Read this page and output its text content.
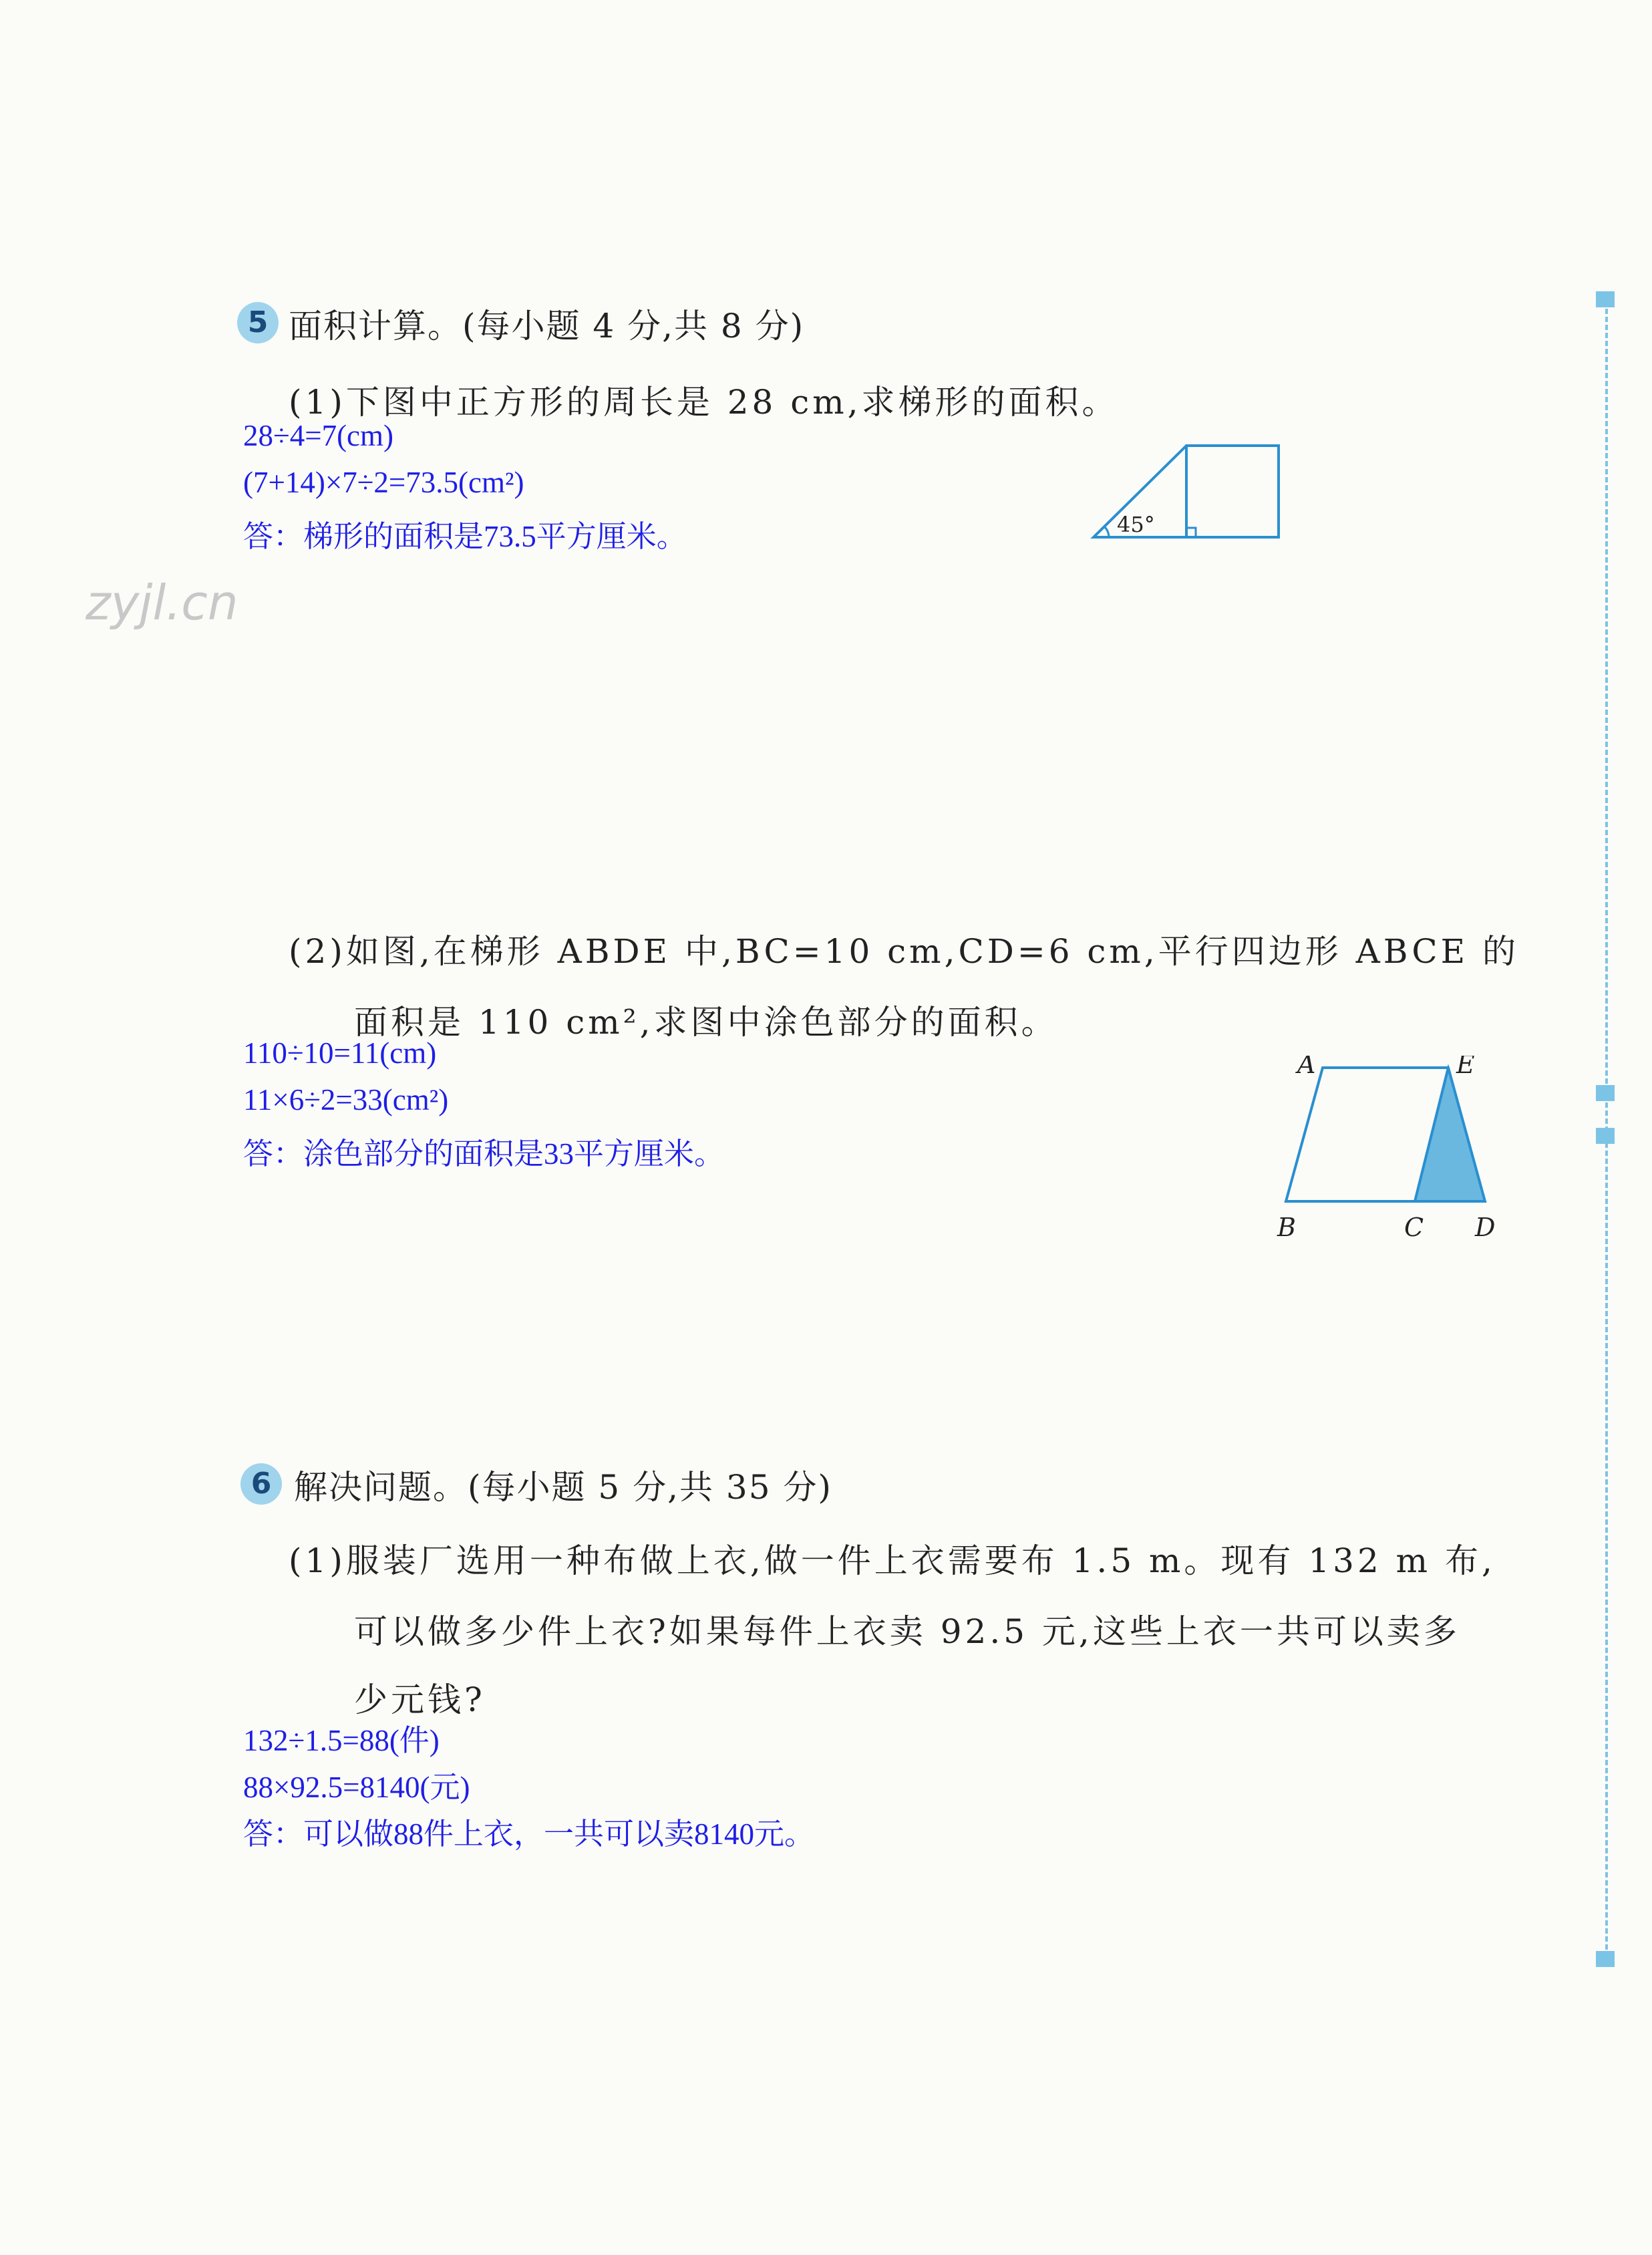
zyjl.cn
5 面积计算。(每小题 4 分,共 8 分)
(1)下图中正方形的周长是 28 cm,求梯形的面积。
28÷4=7(cm)
(7+14)×7÷2=73.5(cm²)
答：梯形的面积是73.5平方厘米。	45°
(2)如图,在梯形 ABDE 中,BC=10 cm,CD=6 cm,平行四边形 ABCE 的
面积是 110 cm²,求图中涂色部分的面积。
110÷10=11(cm)
11×6÷2=33(cm²)
答：涂色部分的面积是33平方厘米。
A	E
B	C D
6 解决问题。(每小题 5 分,共 35 分)
(1)服装厂选用一种布做上衣,做一件上衣需要布 1.5 m。现有 132 m 布,
可以做多少件上衣?如果每件上衣卖 92.5 元,这些上衣一共可以卖多
少元钱?
132÷1.5=88(件)
88×92.5=8140(元)
答：可以做88件上衣，一共可以卖8140元。
